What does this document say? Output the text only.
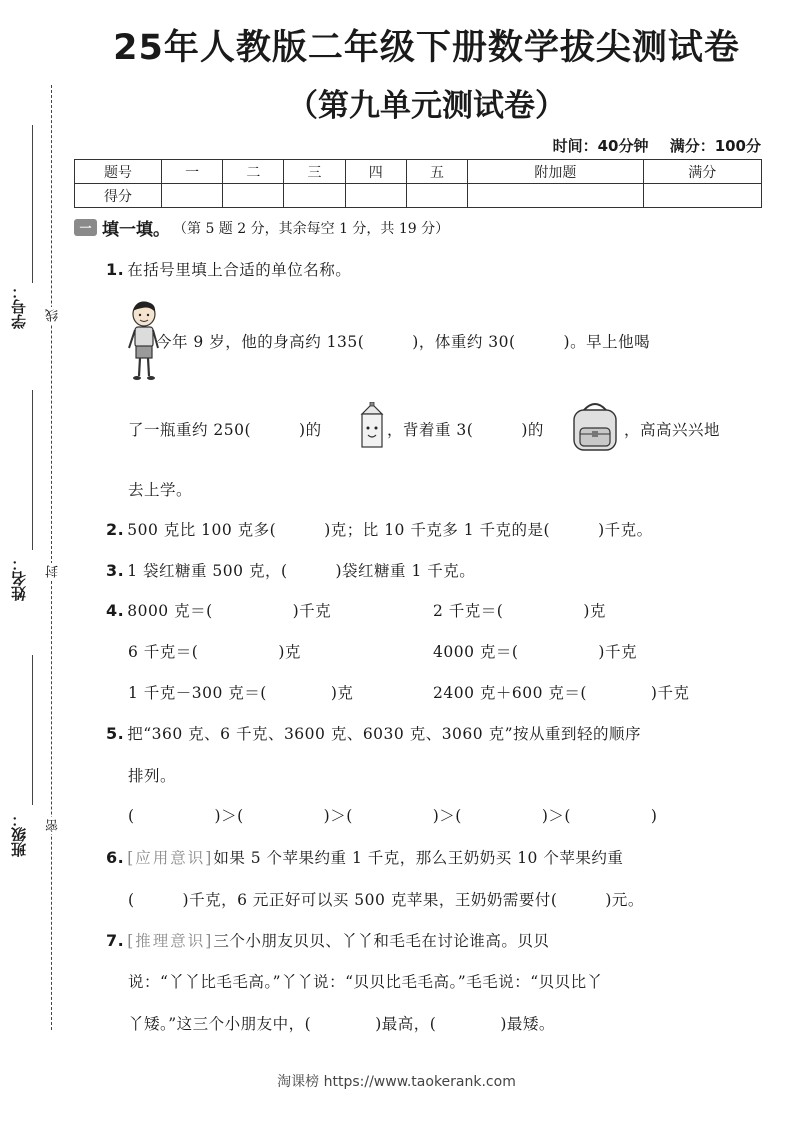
学号：
姓名：
班级：
线
封
密
25年人教版二年级下册数学拔尖测试卷
（第九单元测试卷）
时间：40分钟 满分：100分
题号	一	二	三	四	五	附加题	满分
得分							
一 填一填。 （第 5 题 2 分，其余每空 1 分，共 19 分）
1. 在括号里填上合适的单位名称。
今年 9 岁，他的身高约 135(　　　)，体重约 30(　　　)。早上他喝
了一瓶重约 250(　　　)的	，背着重 3(　　　)的	，高高兴兴地
去上学。
2. 500 克比 100 克多(　　　)克；比 10 千克多 1 千克的是(　　　)千克。
3. 1 袋红糖重 500 克，(　　　)袋红糖重 1 千克。
4. 8000 克＝(　　　　　)千克	2 千克＝(　　　　　)克
6 千克＝(　　　　　)克	4000 克＝(　　　　　)千克
1 千克－300 克＝(　　　　)克	2400 克＋600 克＝(　　　　)千克
5. 把“360 克、6 千克、3600 克、6030 克、3060 克”按从重到轻的顺序
排列。
(　　　　　)＞(　　　　　)＞(　　　　　)＞(　　　　　)＞(　　　　　)
6. [应用意识]如果 5 个苹果约重 1 千克，那么王奶奶买 10 个苹果约重
(　　　)千克，6 元正好可以买 500 克苹果，王奶奶需要付(　　　)元。
7. [推理意识]三个小朋友贝贝、丫丫和毛毛在讨论谁高。贝贝
说：“丫丫比毛毛高。”丫丫说：“贝贝比毛毛高。”毛毛说：“贝贝比丫
丫矮。”这三个小朋友中，(　　　　)最高，(　　　　)最矮。
淘课榜 https://www.taokerank.com
